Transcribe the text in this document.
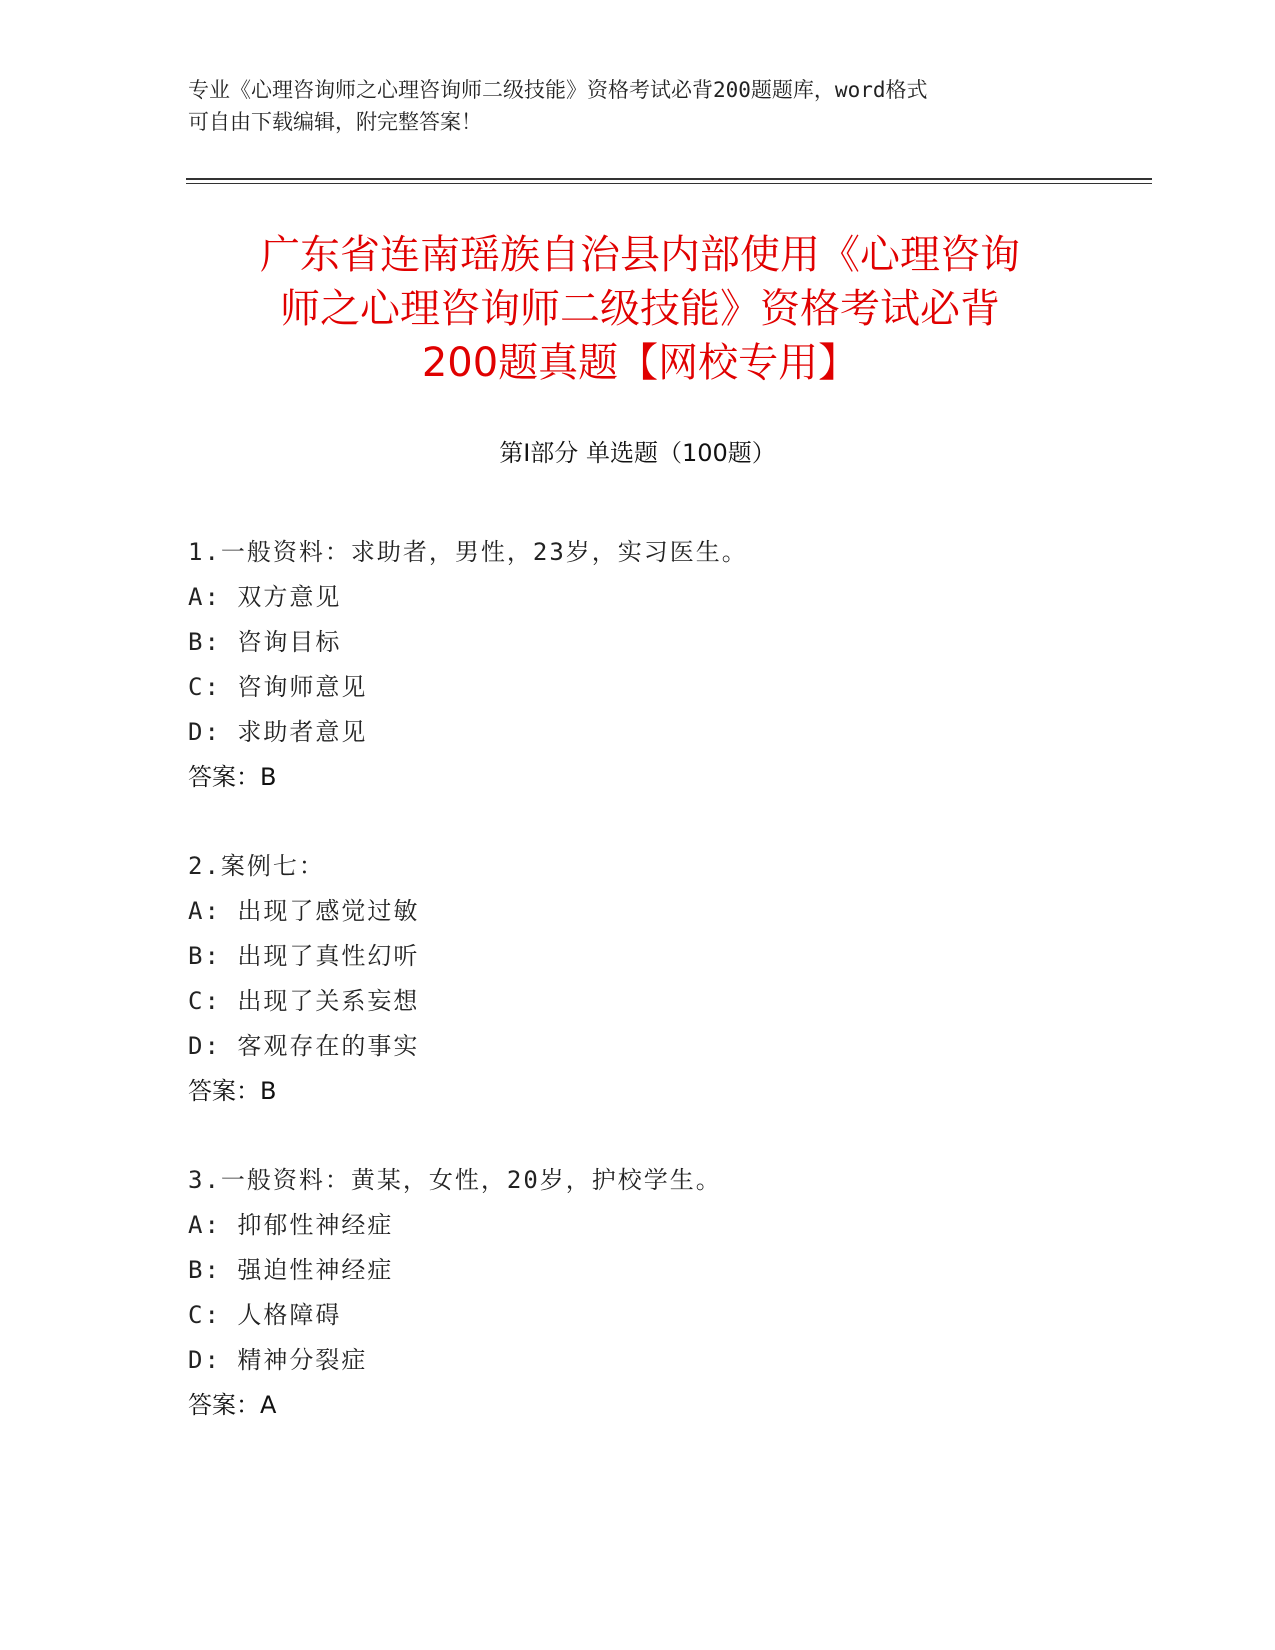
专业《心理咨询师之心理咨询师二级技能》资格考试必背200题题库，word格式
可自由下载编辑，附完整答案！
广东省连南瑶族自治县内部使用《心理咨询
师之心理咨询师二级技能》资格考试必背
200题真题【网校专用】
第Ⅰ部分 单选题（100题）
1.一般资料：求助者，男性，23岁，实习医生。
A: 双方意见
B: 咨询目标
C: 咨询师意见
D: 求助者意见
答案：B
2.案例七：
A: 出现了感觉过敏
B: 出现了真性幻听
C: 出现了关系妄想
D: 客观存在的事实
答案：B
3.一般资料：黄某，女性，20岁，护校学生。
A: 抑郁性神经症
B: 强迫性神经症
C: 人格障碍
D: 精神分裂症
答案：A
